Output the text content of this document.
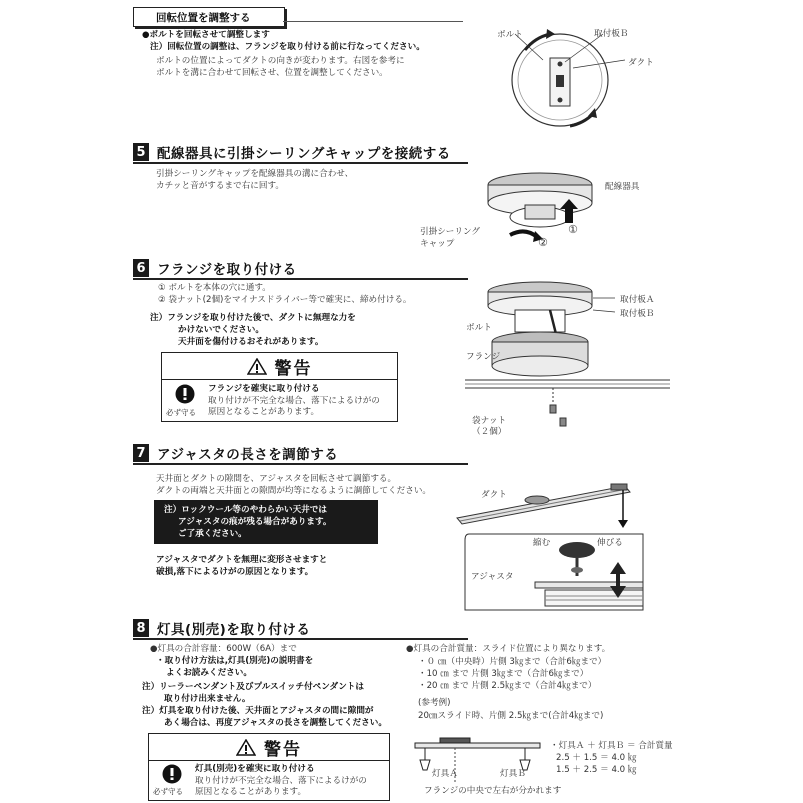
回転位置を調整する
●ボルトを回転させて調整します
注）回転位置の調整は、フランジを取り付ける前に行なってください。
ボルトの位置によってダクトの向きが変わります。右図を参考に
ボルトを溝に合わせて回転させ、位置を調整してください。
ボルト	取付板Ｂ
ダクト
5 配線器具に引掛シーリングキャップを接続する
引掛シーリングキャップを配線器具の溝に合わせ、
カチッと音がするまで右に回す。	配線器具
引掛シーリング
キャップ
①
②
6 フランジを取り付ける
① ボルトを本体の穴に通す。
② 袋ナット(2個)をマイナスドライバー等で確実に、締め付ける。
注）フランジを取り付けた後で、ダクトに無理な力を
かけないでください。
天井面を傷付けるおそれがあります。
警告
必ず守る
フランジを確実に取り付ける
取り付けが不完全な場合、落下によるけがの
原因となることがあります。
取付板Ａ
取付板Ｂ
ボルト
フランジ
袋ナット
（２個）
7 アジャスタの長さを調節する
天井面とダクトの隙間を、アジャスタを回転させて調節する。
ダクトの両端と天井面との隙間が均等になるように調節してください。
注）ロックウール等のやわらかい天井では
アジャスタの痕が残る場合があります。
ご了承ください。
アジャスタでダクトを無理に変形させますと
破損,落下によるけがの原因となります。
ダクト
縮む	伸びる
アジャスタ
8 灯具(別売)を取り付ける
●灯具の合計容量：600W（6A）まで
・取り付け方法は,灯具(別売)の説明書を
よくお読みください。
注）リーラーペンダント及びプルスイッチ付ペンダントは
取り付け出来ません。
注）灯具を取り付けた後、天井面とアジャスタの間に隙間が
あく場合は、再度アジャスタの長さを調整してください。
警告
必ず守る
灯具(別売)を確実に取り付ける
取り付けが不完全な場合、落下によるけがの
原因となることがあります。
●灯具の合計質量：スライド位置により異なります。
・０ ㎝（中央時）片側 3㎏まで（合計6㎏まで）
・10 ㎝ まで 片側 3㎏まで（合計6㎏まで）
・20 ㎝ まで 片側 2.5㎏まで（合計4㎏まで）
(参考例)
20㎝スライド時、片側 2.5㎏まで(合計4㎏まで)
灯具Ａ	灯具Ｂ
・灯具Ａ ＋ 灯具Ｂ ＝ 合計質量
2.5 ＋ 1.5 ＝ 4.0 ㎏
1.5 ＋ 2.5 ＝ 4.0 ㎏
フランジの中央で左右が分かれます
